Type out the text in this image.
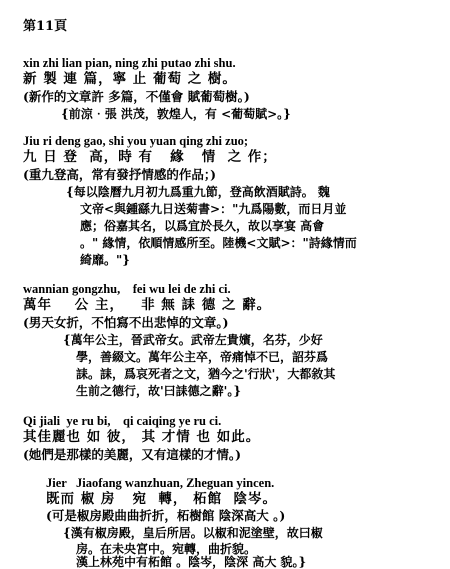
第11頁
xin zhi lian pian, ning zhi putao zhi shu.
新 製 連 篇，寧 止 葡萄 之 樹。
(新作的文章許 多篇，不僅會 賦葡萄樹。)
{前涼‧張 洪茂，敦煌人，有 <葡萄賦>。}
Jiu ri deng gao, shi you yuan qing zhi zuo;
九 日 登  高，時 有   緣   情  之 作；
(重九登高，常有發抒情感的作品；)
{每以陰曆九月初九爲重九節，登高飲酒賦詩。 魏
文帝<與鍾繇九日送菊書>："九爲陽數，而日月並
應；俗嘉其名，以爲宜於長久，故以享宴 高會
。" 緣情，依順情感所至。陸機<文賦>："詩緣情而
綺靡。"}
wannian gongzhu,    fei wu lei de zhi ci.
萬年    公 主，   非 無 誄 德 之 辭。
(男天女折，不怕寫不出悲悼的文章。)
{萬年公主，晉武帝女。武帝左貴嬪，名芬，少好
學，善綴文。萬年公主卒，帝痛悼不已，詔芬爲
誄。誄，爲哀死者之文，猶今之'行狀'，大都敘其
生前之德行，故'曰誄德之辭'。}
Qi jiali  ye ru bi,    qi caiqing ye ru ci.
其佳麗也 如 彼， 其 才情 也 如此。
(她們是那樣的美麗，又有這樣的才情。)
Jier   Jiaofang wanzhuan, Zheguan yincen.
既而 椒 房   宛  轉， 柘館  陰岑。
(可是椒房殿曲曲折折，柘樹館 陰深高大 。)
{漢有椒房殿，皇后所居。以椒和泥塗壁，故曰椒
房。在未央宮中。宛轉，曲折貌。
漢上林苑中有柘館 。陰岑，陰深 高大 貌。}
